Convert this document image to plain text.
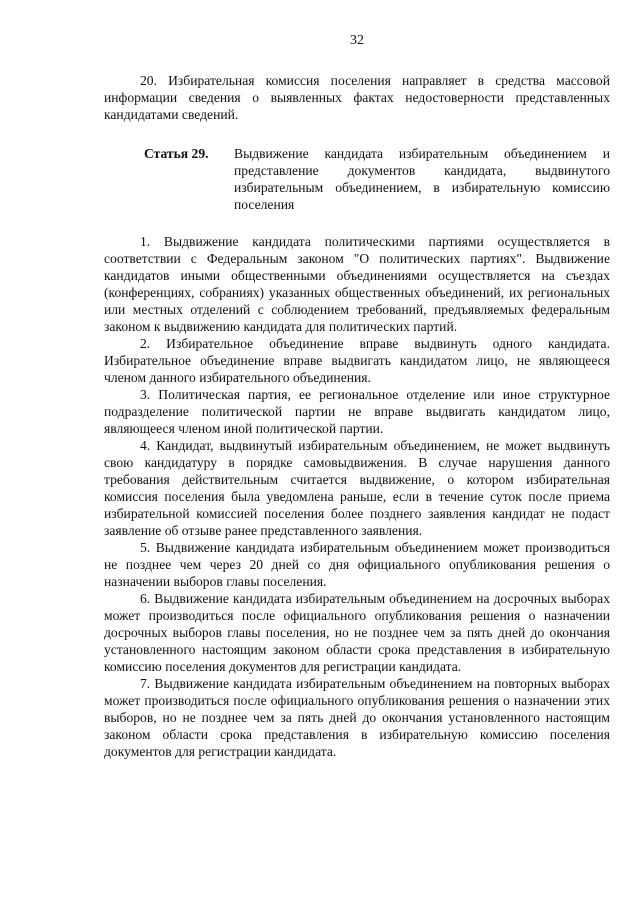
32

20. Избирательная комиссия поселения направляет в средства массовой информации сведения о выявленных фактах недостоверности представленных кандидатами сведений.

Статья 29.	Выдвижение кандидата избирательным объединением и представление документов кандидата, выдвинутого избирательным объединением, в избирательную комиссию поселения

1. Выдвижение кандидата политическими партиями осуществляется в соответствии с Федеральным законом "О политических партиях". Выдвижение кандидатов иными общественными объединениями осуществляется на съездах (конференциях, собраниях) указанных общественных объединений, их региональных или местных отделений с соблюдением требований, предъявляемых федеральным законом к выдвижению кандидата для политических партий.

2. Избирательное объединение вправе выдвинуть одного кандидата. Избирательное объединение вправе выдвигать кандидатом лицо, не являющееся членом данного избирательного объединения.

3. Политическая партия, ее региональное отделение или иное структурное подразделение политической партии не вправе выдвигать кандидатом лицо, являющееся членом иной политической партии.

4. Кандидат, выдвинутый избирательным объединением, не может выдвинуть свою кандидатуру в порядке самовыдвижения. В случае нарушения данного требования действительным считается выдвижение, о котором избирательная комиссия поселения была уведомлена раньше, если в течение суток после приема избирательной комиссией поселения более позднего заявления кандидат не подаст заявление об отзыве ранее представленного заявления.

5. Выдвижение кандидата избирательным объединением может производиться не позднее чем через 20 дней со дня официального опубликования решения о назначении выборов главы поселения.

6. Выдвижение кандидата избирательным объединением на досрочных выборах может производиться после официального опубликования решения о назначении досрочных выборов главы поселения, но не позднее чем за пять дней до окончания установленного настоящим законом области срока представления в избирательную комиссию поселения документов для регистрации кандидата.

7. Выдвижение кандидата избирательным объединением на повторных выборах может производиться после официального опубликования решения о назначении этих выборов, но не позднее чем за пять дней до окончания установленного настоящим законом области срока представления в избирательную комиссию поселения документов для регистрации кандидата.
